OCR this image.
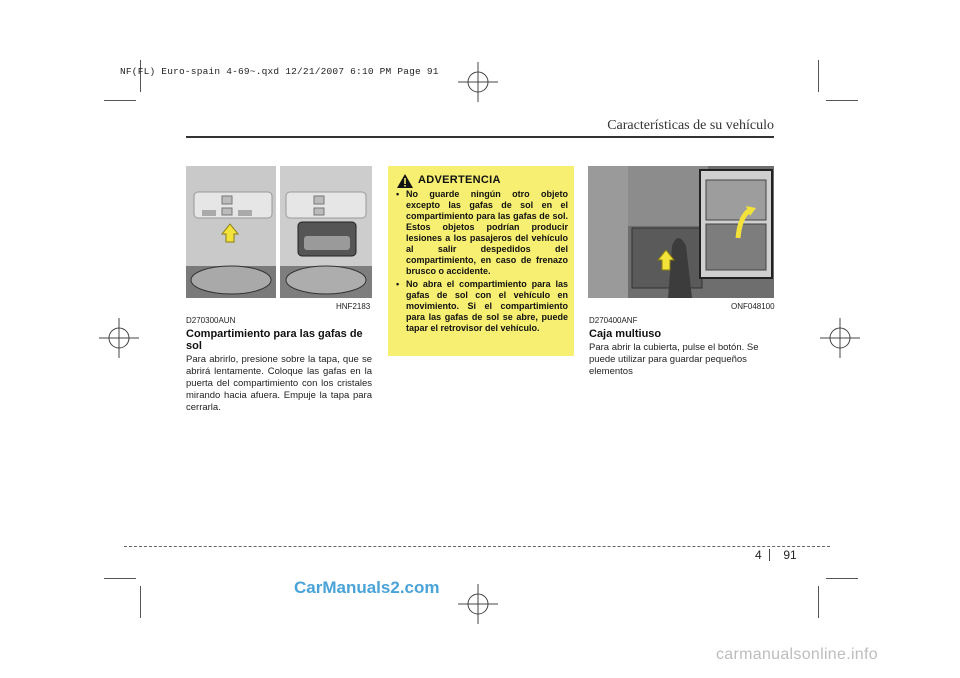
NF(FL) Euro-spain 4-69~.qxd 12/21/2007 6:10 PM Page 91
Características de su vehículo
HNF2183
D270300AUN
Compartimiento para las gafas de sol
Para abrirlo, presione sobre la tapa, que se abrirá lentamente. Coloque las gafas en la puerta del compartimiento con los cristales mirando hacia afuera. Empuje la tapa para cerrarla.
ADVERTENCIA
• No guarde ningún otro objeto excepto las gafas de sol en el compartimiento para las gafas de sol. Estos objetos podrían producir lesiones a los pasajeros del vehículo al salir despedidos del compartimiento, en caso de frenazo brusco o accidente.
• No abra el compartimiento para las gafas de sol con el vehículo en movimiento. Si el compartimiento para las gafas de sol se abre, puede tapar el retrovisor del vehículo.
ONF048100
D270400ANF
Caja multiuso
Para abrir la cubierta, pulse el botón. Se puede utilizar para guardar pequeños elementos
4 91
CarManuals2.com
carmanualsonline.info
